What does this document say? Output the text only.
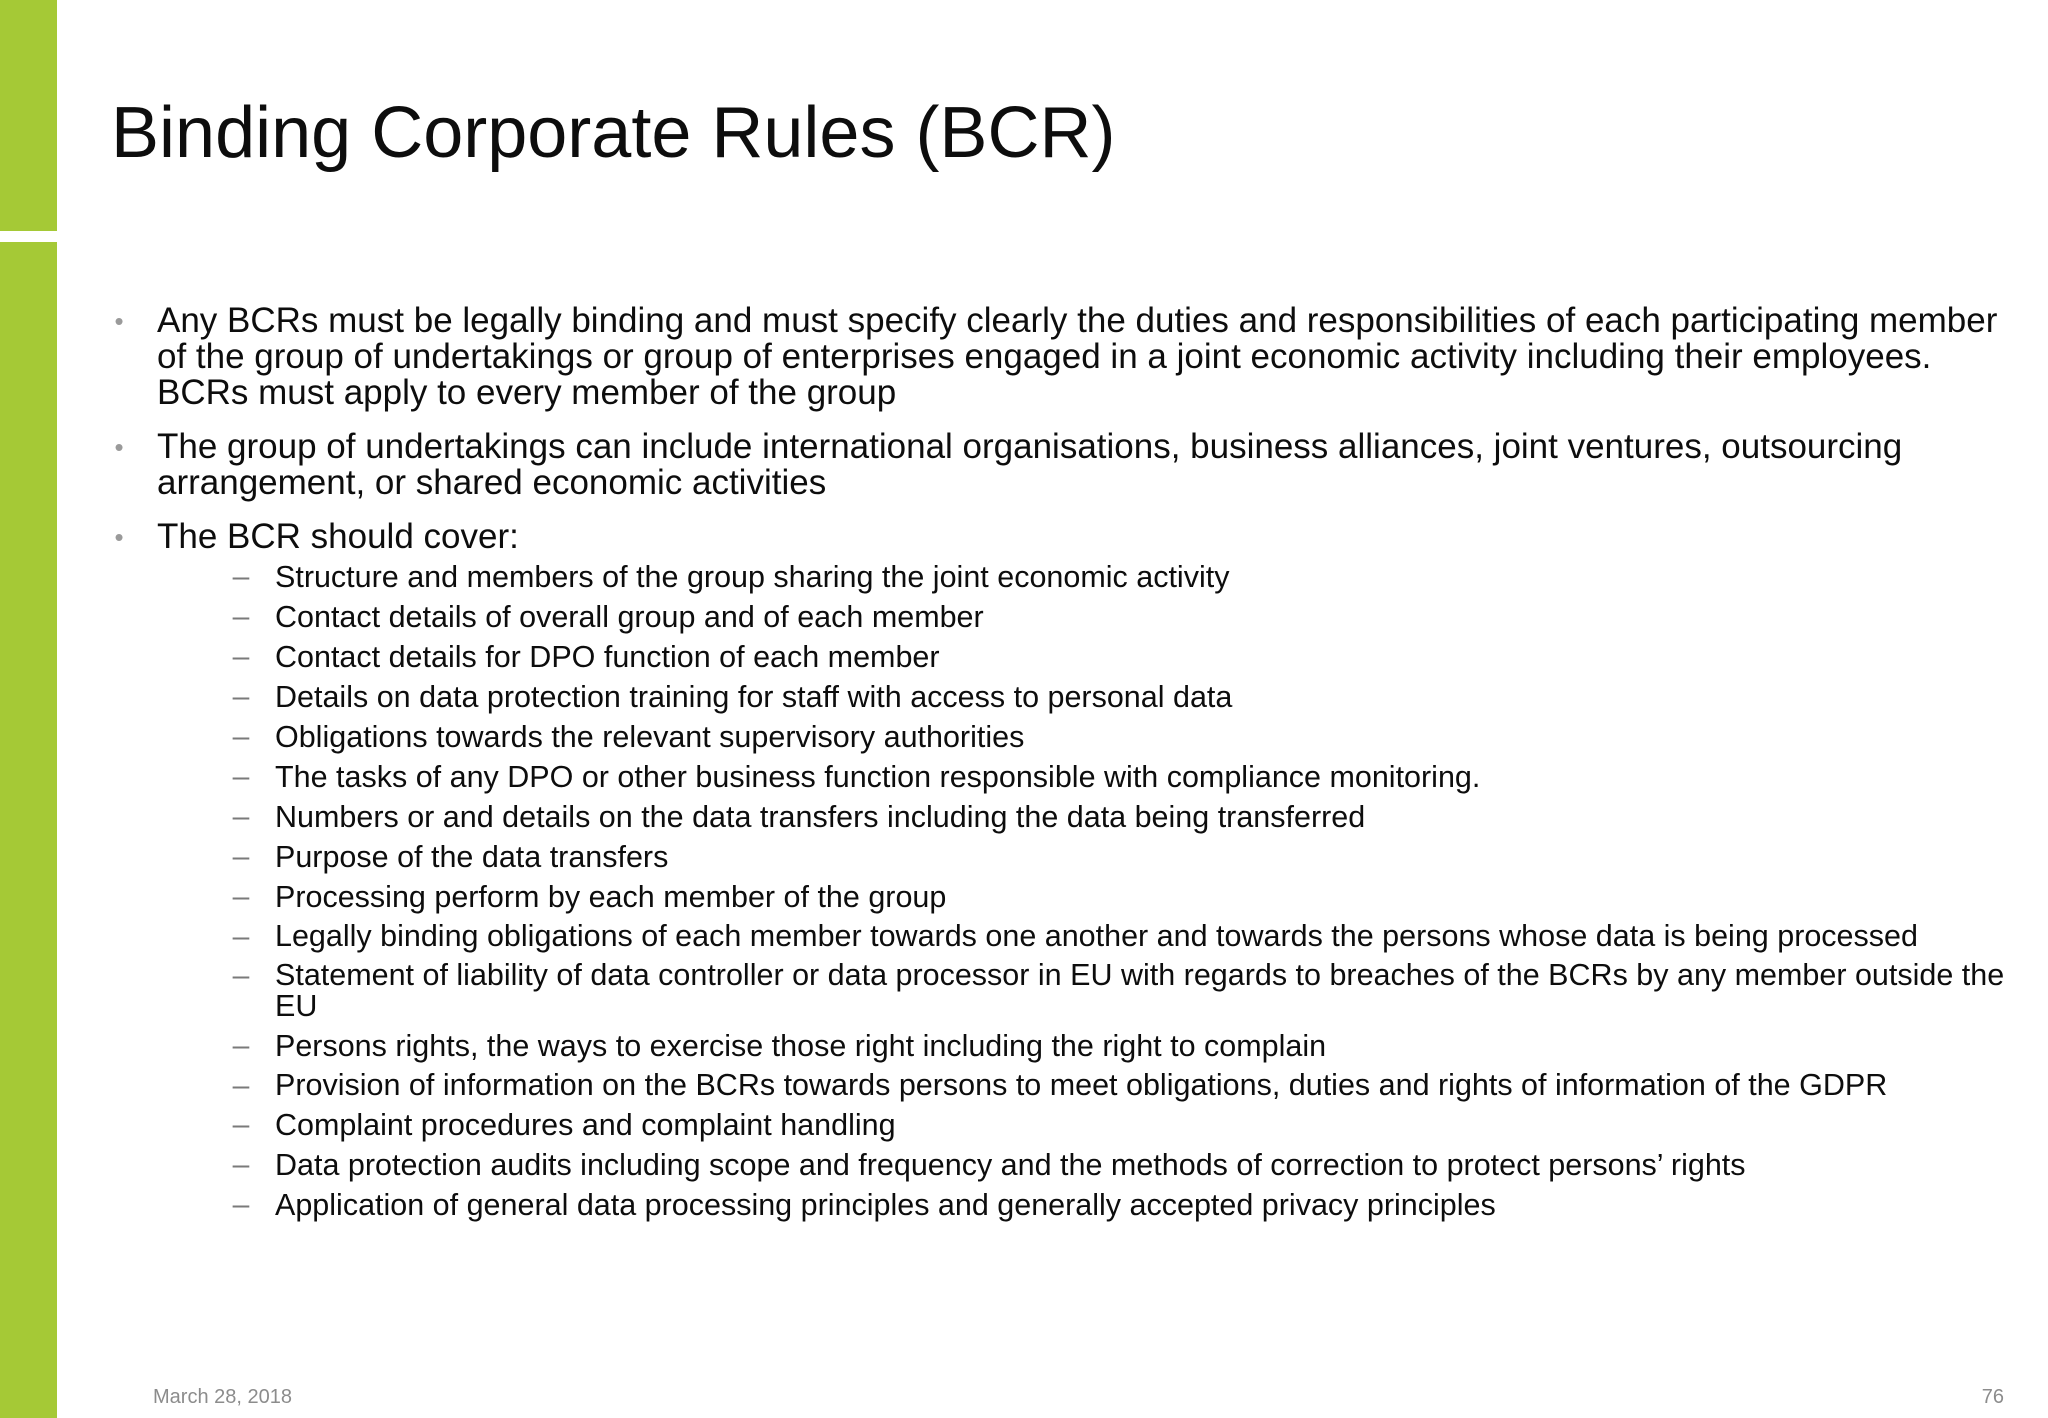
Binding Corporate Rules (BCR)
• Any BCRs must be legally binding and must specify clearly the duties and responsibilities of each participating member of the group of undertakings or group of enterprises engaged in a joint economic activity including their employees. BCRs must apply to every member of the group
• The group of undertakings can include international organisations, business alliances, joint ventures, outsourcing arrangement, or shared economic activities
• The BCR should cover:
– Structure and members of the group sharing the joint economic activity
– Contact details of overall group and of each member
– Contact details for DPO function of each member
– Details on data protection training for staff with access to personal data
– Obligations towards the relevant supervisory authorities
– The tasks of any DPO or other business function responsible with compliance monitoring.
– Numbers or and details on the data transfers including the data being transferred
– Purpose of the data transfers
– Processing perform by each member of the group
– Legally binding obligations of each member towards one another and towards the persons whose data is being processed
– Statement of liability of data controller or data processor in EU with regards to breaches of the BCRs by any member outside the EU
– Persons rights, the ways to exercise those right including the right to complain
– Provision of information on the BCRs towards persons to meet obligations, duties and rights of information of the GDPR
– Complaint procedures and complaint handling
– Data protection audits including scope and frequency and the methods of correction to protect persons’ rights
– Application of general data processing principles and generally accepted privacy principles
March 28, 2018	76
